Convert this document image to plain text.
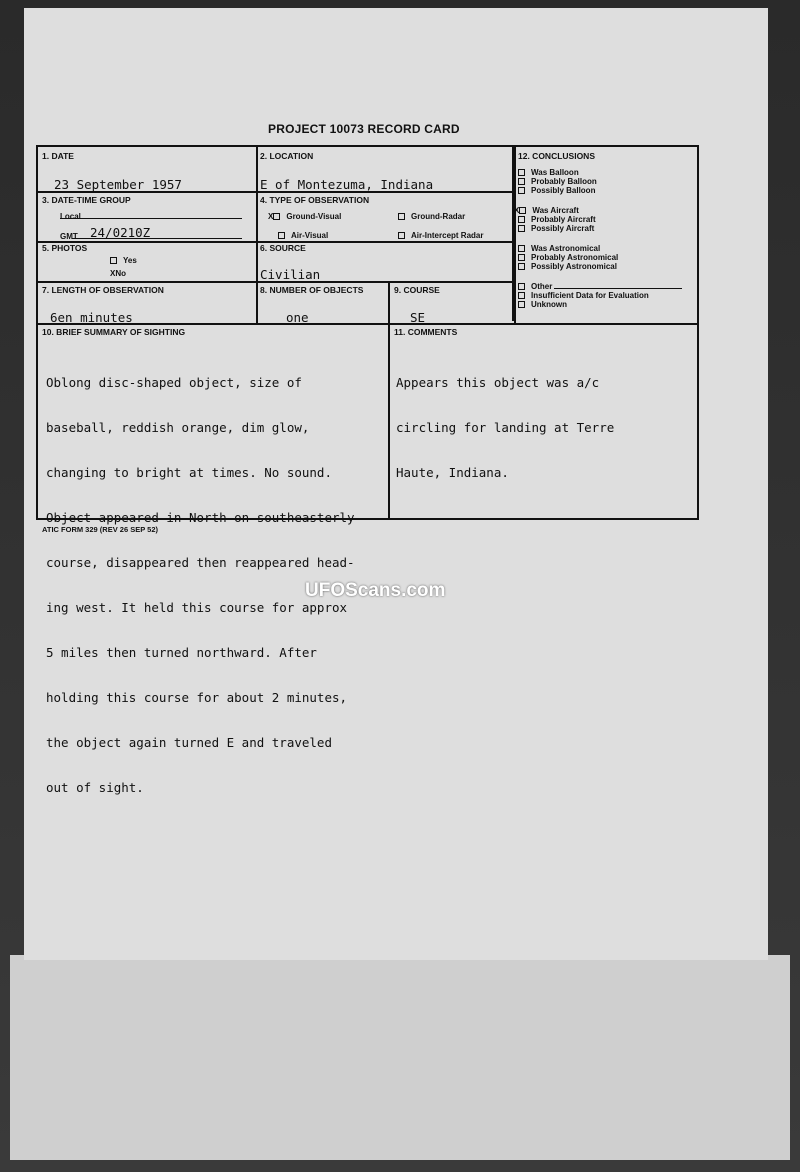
PROJECT 10073 RECORD CARD
1. DATE
23 September 1957
2. LOCATION
E of Montezuma, Indiana
3. DATE-TIME GROUP
Local
GMT 24/0210Z
4. TYPE OF OBSERVATION
X Ground-Visual	Ground-Radar
Air-Visual	Air-Intercept Radar
5. PHOTOS
Yes
XNo
6. SOURCE
Civilian
7. LENGTH OF OBSERVATION
6en minutes
8. NUMBER OF OBJECTS
one
9. COURSE
SE
10. BRIEF SUMMARY OF SIGHTING

Oblong disc-shaped object, size of

baseball, reddish orange, dim glow,

changing to bright at times. No sound.

Object appeared in North on southeasterly

course, disappeared then reappeared head-

ing west. It held this course for approx

5 miles then turned northward. After

holding this course for about 2 minutes,

the object again turned E and traveled

out of sight.

11. COMMENTS

Appears this object was a/c

circling for landing at Terre

Haute, Indiana.

12. CONCLUSIONS
Was Balloon
Probably Balloon
Possibly Balloon
X Was Aircraft
Probably Aircraft
Possibly Aircraft
Was Astronomical
Probably Astronomical
Possibly Astronomical
Other
Insufficient Data for Evaluation
Unknown
ATIC FORM 329 (REV 26 SEP 52)
UFOScans.com
